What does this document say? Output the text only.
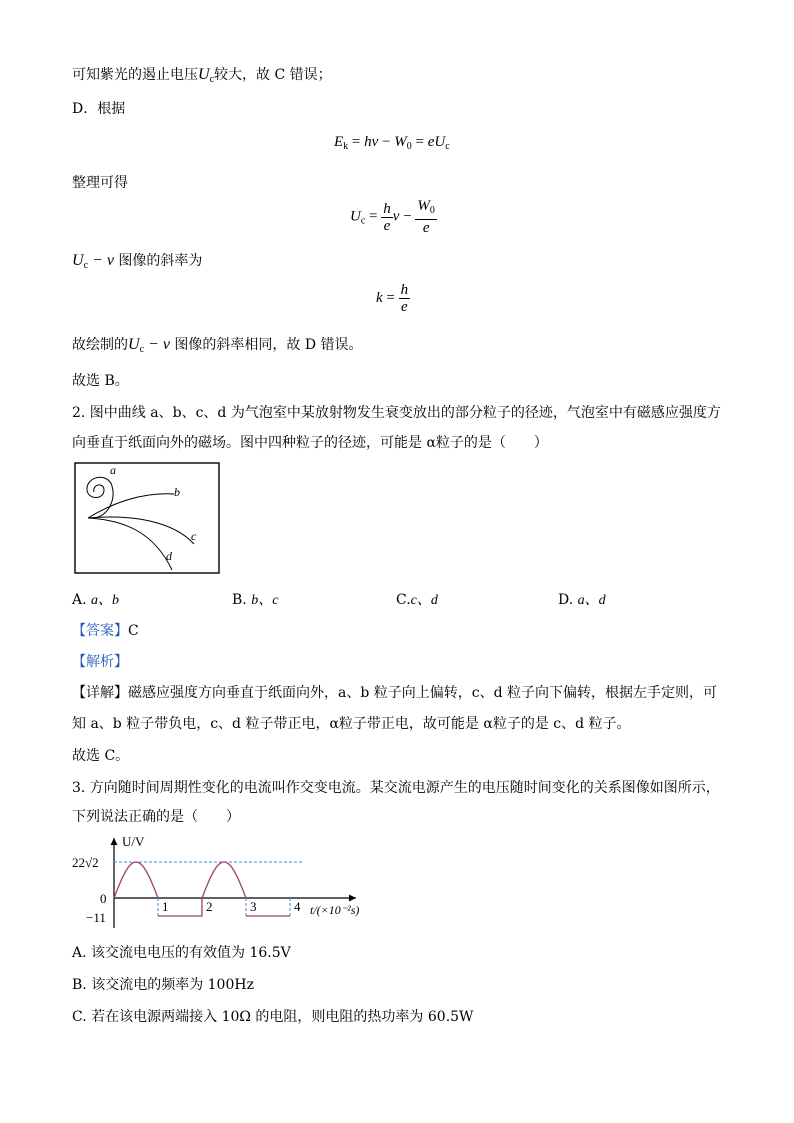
可知紫光的遏止电压$U_c$较大，故 C 错误；
D．根据
$E_k = h\nu - W_0 = eU_c$
整理可得
$U_c = \frac{h}{e}$ $\nu - \frac{W_0}{e}$
$U_c - \nu$ 图像的斜率为
$k = \frac{h}{e}$
故绘制的$U_c - \nu$ 图像的斜率相同，故 D 错误。
故选 B。
2. 图中曲线 a、b、c、d 为气泡室中某放射物发生衰变放出的部分粒子的径迹，气泡室中有磁感应强度方
向垂直于纸面向外的磁场。图中四种粒子的径迹，可能是 α粒子的是（　　）
a
b
c
d
A. a、b	B. b、c	C.c、d	D. a、d
【答案】C
【解析】
【详解】磁感应强度方向垂直于纸面向外，a、b 粒子向上偏转，c、d 粒子向下偏转，根据左手定则，可
知 a、b 粒子带负电，c、d 粒子带正电，α粒子带正电，故可能是 α粒子的是 c、d 粒子。
故选 C。
3. 方向随时间周期性变化的电流叫作交变电流。某交流电源产生的电压随时间变化的关系图像如图所示，
下列说法正确的是（　　）
U/V
22√2
0
−11
1	2	3	4 t/(×10⁻²s)
A. 该交流电电压的有效值为 16.5V
B. 该交流电的频率为 100Hz
C. 若在该电源两端接入 10Ω 的电阻，则电阻的热功率为 60.5W
